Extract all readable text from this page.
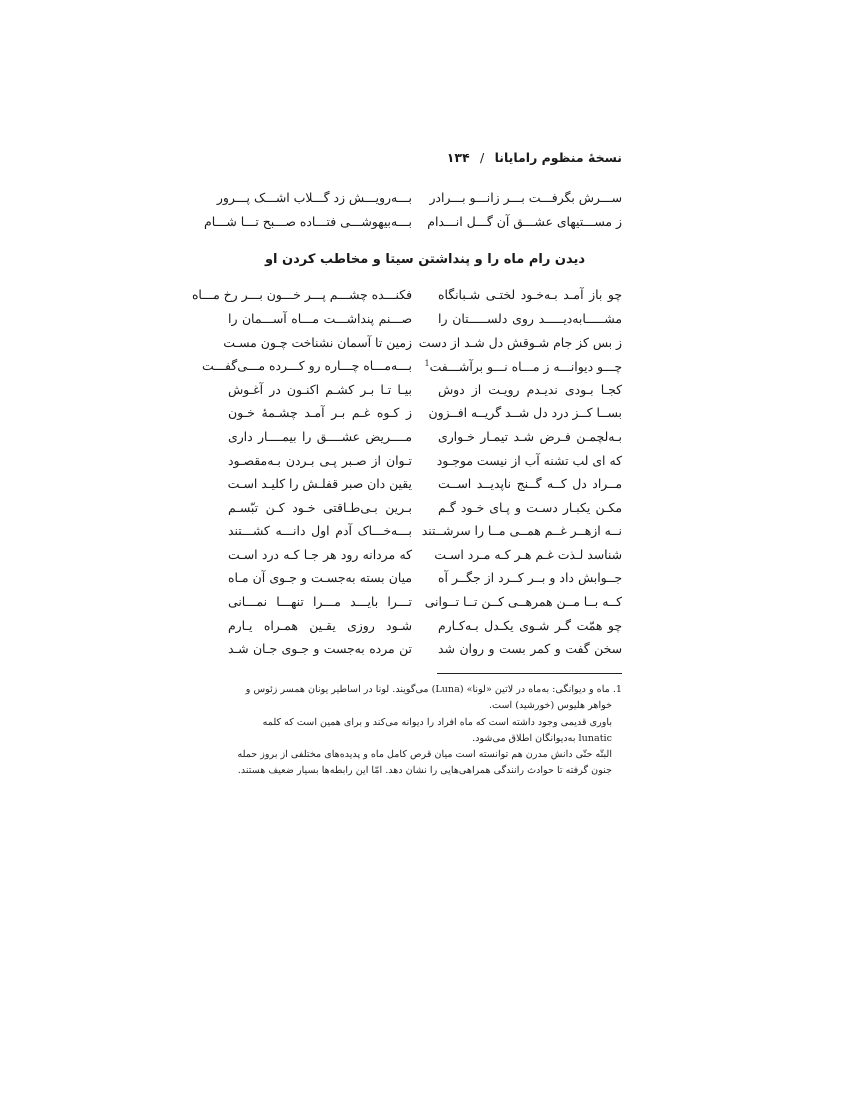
نسخهٔ منظوم رامایانا / ۱۳۴
ســـرش بگرفـــت بـــر زانـــو بـــرادر
بـــه‌رویـــش زد گـــلاب اشـــک پـــرور
ز مســـتیهای عشـــق آن گـــل انـــدام
بـــه‌بیهوشـــی فتـــاده صـــبح تـــا شـــام
دیدن رام ماه را و پنداشتن سیتا و مخاطب کردن او
چو باز آمـد بـه‌خـود لختـی شـبانگاه
فکنـــده چشـــم پـــر خـــون بـــر رخ مـــاه
مشـــــابه‌دیـــــد روی دلســـــتان را
صـــنم پنداشـــت مـــاه آســـمان را
ز بس کز جام شـوقش دل شـد از دست
زمین تا آسمان نشناخت چـون مسـت
چـــو دیوانـــه ز مـــاه نـــو برآشـــفت$^1$
بـــه‌مـــاه چـــاره رو کـــرده مـــی‌گفـــت
کجـا بـودی ندیـدم رویـت از دوش
بیـا تـا بـر کشـم اکنـون در آغـوش
بســا کــز درد دل شــد گریــه افــزون
ز کـوه غـم بـر آمـد چشـمهٔ خـون
بـه‌لچمـن فـرض شـد تیمـار خـواری
مــــریض عشــــق را بیمــــار داری
که ای لب تشنه آب از نیست موجـود
تـوان از صـبر پـی بـردن بـه‌مقصـود
مــراد دل کــه گــنج ناپدیــد اســت
یقین دان صبر قفلـش را کلیـد اسـت
مکـن یکبـار دسـت و پـای خـود گـم
بـرین بـی‌طـاقتی خـود کـن تبّسـم
نــه ازهــر غــم همــی مــا را سرشــتند
بـــه‌خـــاک آدم اول دانـــه کشـــتند
شناسد لـذت غـم هـر کـه مـرد اسـت
که مردانه رود هر جـا کـه درد اسـت
جــوابش داد و بــر کــرد از جگــر آه
میان بسته به‌جسـت و جـوی آن مـاه
کــه بــا مــن همرهــی کــن تــا تــوانی
تـــرا بایـــد مـــرا تنهـــا نمـــانی
چو همّت گـر شـوی یکـدل بـه‌کـارم
شـود روزی یقـین همـراه یـارم
سخن گفت و کمر بست و روان شد
تن مرده به‌جست و جـوی جـان شـد
1. ماه و دیوانگی: به‌ماه در لاتین «لونا» (Luna) می‌گویند. لونا در اساطیر یونان همسر زئوس و
خواهر هلیوس (خورشید) است.
باوری قدیمی وجود داشته است که ماه افراد را دیوانه می‌کند و برای همین است که کلمه
lunatic به‌دیوانگان اطلاق می‌شود.
البتّه حتّی دانش مدرن هم توانسته است میان قرص کامل ماه و پدیده‌های مختلفی از بروز حمله
جنون گرفته تا حوادث رانندگی همراهی‌هایی را نشان دهد. امّا این رابطه‌ها بسیار ضعیف هستند.
